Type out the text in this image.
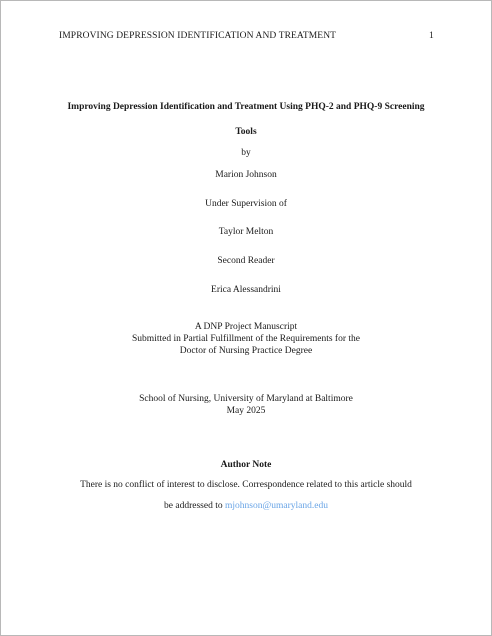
IMPROVING DEPRESSION IDENTIFICATION AND TREATMENT	1
Improving Depression Identification and Treatment Using PHQ-2 and PHQ-9 Screening
Tools
by
Marion Johnson
Under Supervision of
Taylor Melton
Second Reader
Erica Alessandrini
A DNP Project Manuscript
Submitted in Partial Fulfillment of the Requirements for the
Doctor of Nursing Practice Degree
School of Nursing, University of Maryland at Baltimore
May 2025
Author Note
There is no conflict of interest to disclose. Correspondence related to this article should
be addressed to mjohnson@umaryland.edu
